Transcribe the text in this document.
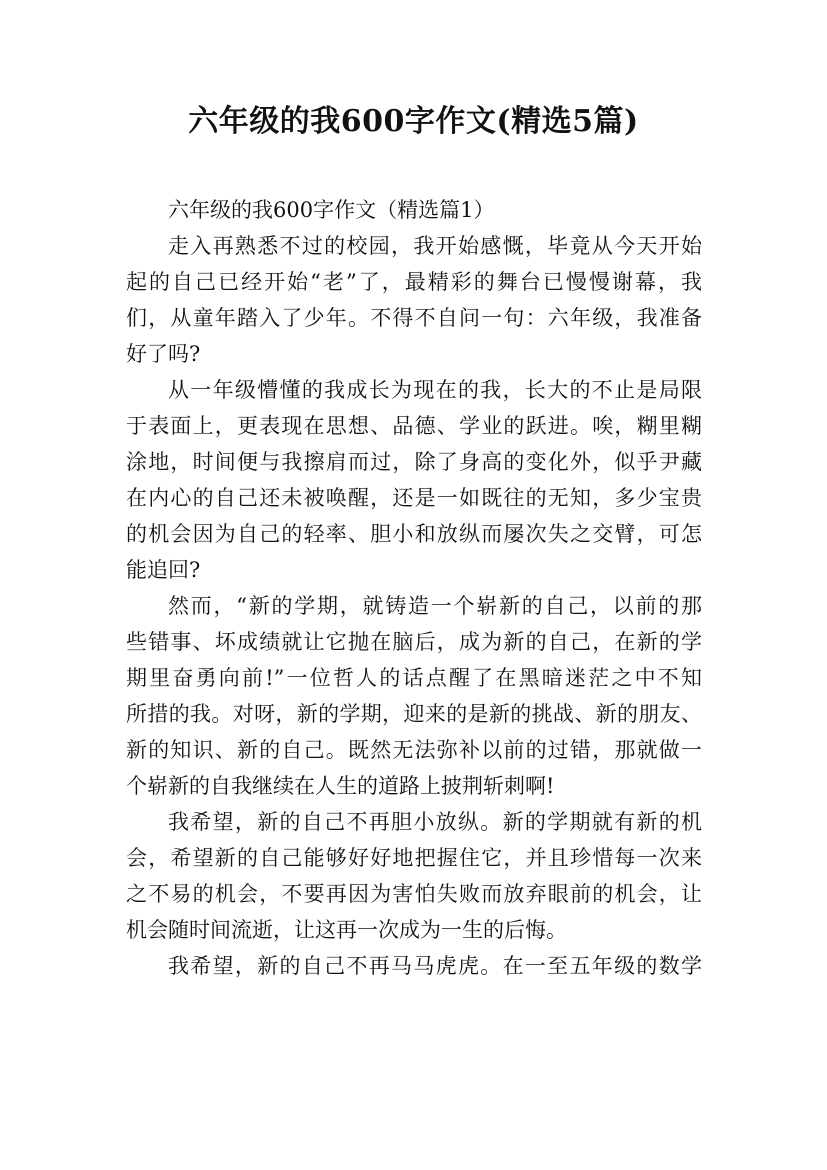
六年级的我600字作文(精选5篇)
六年级的我600字作文（精选篇1）
走入再熟悉不过的校园，我开始感慨，毕竟从今天开始
起的自己已经开始“老”了，最精彩的舞台已慢慢谢幕，我
们，从童年踏入了少年。不得不自问一句：六年级，我准备
好了吗?
从一年级懵懂的我成长为现在的我，长大的不止是局限
于表面上，更表现在思想、品德、学业的跃进。唉，糊里糊
涂地，时间便与我擦肩而过，除了身高的变化外，似乎尹藏
在内心的自己还未被唤醒，还是一如既往的无知，多少宝贵
的机会因为自己的轻率、胆小和放纵而屡次失之交臂，可怎
能追回?
然而，“新的学期，就铸造一个崭新的自己，以前的那
些错事、坏成绩就让它抛在脑后，成为新的自己，在新的学
期里奋勇向前!”一位哲人的话点醒了在黑暗迷茫之中不知
所措的我。对呀，新的学期，迎来的是新的挑战、新的朋友、
新的知识、新的自己。既然无法弥补以前的过错，那就做一
个崭新的自我继续在人生的道路上披荆斩刺啊!
我希望，新的自己不再胆小放纵。新的学期就有新的机
会，希望新的自己能够好好地把握住它，并且珍惜每一次来
之不易的机会，不要再因为害怕失败而放弃眼前的机会，让
机会随时间流逝，让这再一次成为一生的后悔。
我希望，新的自己不再马马虎虎。在一至五年级的数学
